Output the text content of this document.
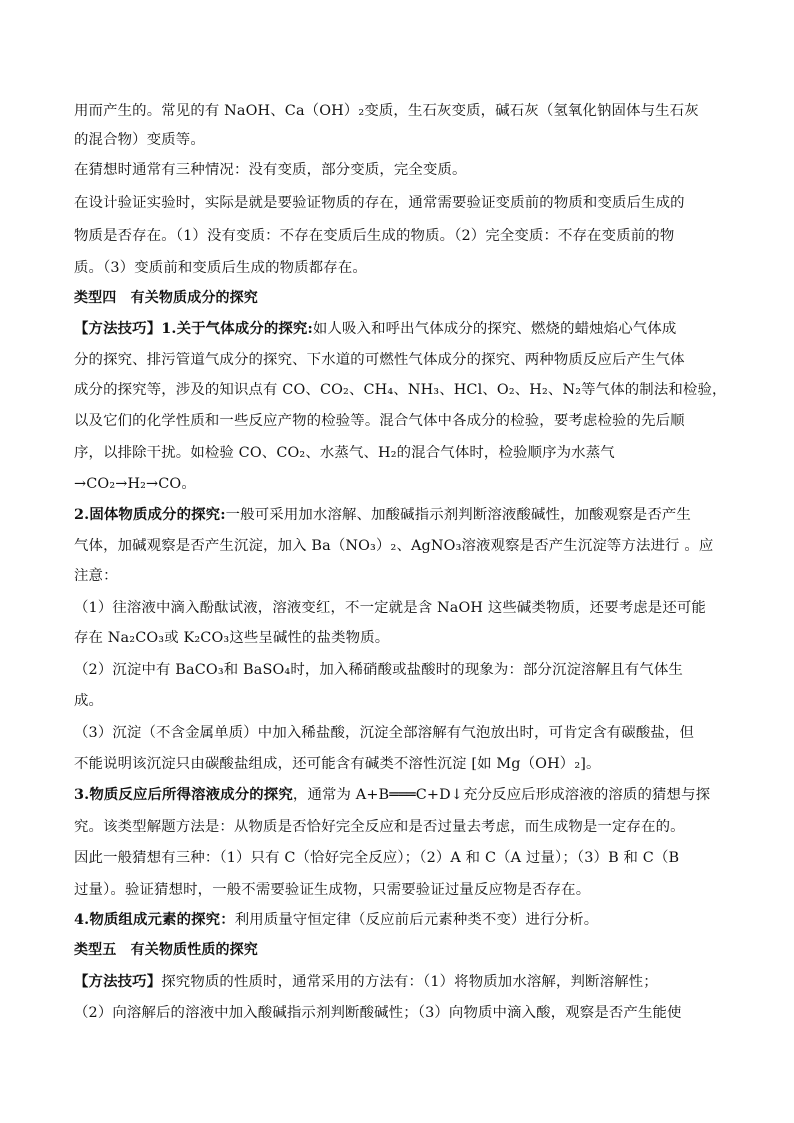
用而产生的。常见的有 NaOH、Ca（OH）₂变质，生石灰变质，碱石灰（氢氧化钠固体与生石灰
的混合物）变质等。
在猜想时通常有三种情况：没有变质，部分变质，完全变质。
在设计验证实验时，实际是就是要验证物质的存在，通常需要验证变质前的物质和变质后生成的
物质是否存在。（1）没有变质：不存在变质后生成的物质。（2）完全变质：不存在变质前的物
质。（3）变质前和变质后生成的物质都存在。
类型四　有关物质成分的探究
【方法技巧】1.关于气体成分的探究:如人吸入和呼出气体成分的探究、燃烧的蜡烛焰心气体成
分的探究、排污管道气成分的探究、下水道的可燃性气体成分的探究、两种物质反应后产生气体
成分的探究等，涉及的知识点有 CO、CO₂、CH₄、NH₃、HCl、O₂、H₂、N₂等气体的制法和检验，
以及它们的化学性质和一些反应产物的检验等。混合气体中各成分的检验，要考虑检验的先后顺
序，以排除干扰。如检验 CO、CO₂、水蒸气、H₂的混合气体时，检验顺序为水蒸气
→CO₂→H₂→CO。
2.固体物质成分的探究:一般可采用加水溶解、加酸碱指示剂判断溶液酸碱性，加酸观察是否产生
气体，加碱观察是否产生沉淀，加入 Ba（NO₃）₂、AgNO₃溶液观察是否产生沉淀等方法进行 。应
注意：
（1）往溶液中滴入酚酞试液，溶液变红，不一定就是含 NaOH 这些碱类物质，还要考虑是还可能
存在 Na₂CO₃或 K₂CO₃这些呈碱性的盐类物质。
（2）沉淀中有 BaCO₃和 BaSO₄时，加入稀硝酸或盐酸时的现象为：部分沉淀溶解且有气体生
成。
（3）沉淀（不含金属单质）中加入稀盐酸，沉淀全部溶解有气泡放出时，可肯定含有碳酸盐，但
不能说明该沉淀只由碳酸盐组成，还可能含有碱类不溶性沉淀 [如 Mg（OH）₂]。
3.物质反应后所得溶液成分的探究，通常为 A+B═══C+D↓充分反应后形成溶液的溶质的猜想与探
究。该类型解题方法是：从物质是否恰好完全反应和是否过量去考虑，而生成物是一定存在的。
因此一般猜想有三种：（1）只有 C（恰好完全反应）；（2）A 和 C（A 过量）；（3）B 和 C（B
过量）。验证猜想时，一般不需要验证生成物，只需要验证过量反应物是否存在。
4.物质组成元素的探究：利用质量守恒定律（反应前后元素种类不变）进行分析。
类型五　有关物质性质的探究
【方法技巧】探究物质的性质时，通常采用的方法有：（1）将物质加水溶解，判断溶解性；
（2）向溶解后的溶液中加入酸碱指示剂判断酸碱性；（3）向物质中滴入酸，观察是否产生能使
